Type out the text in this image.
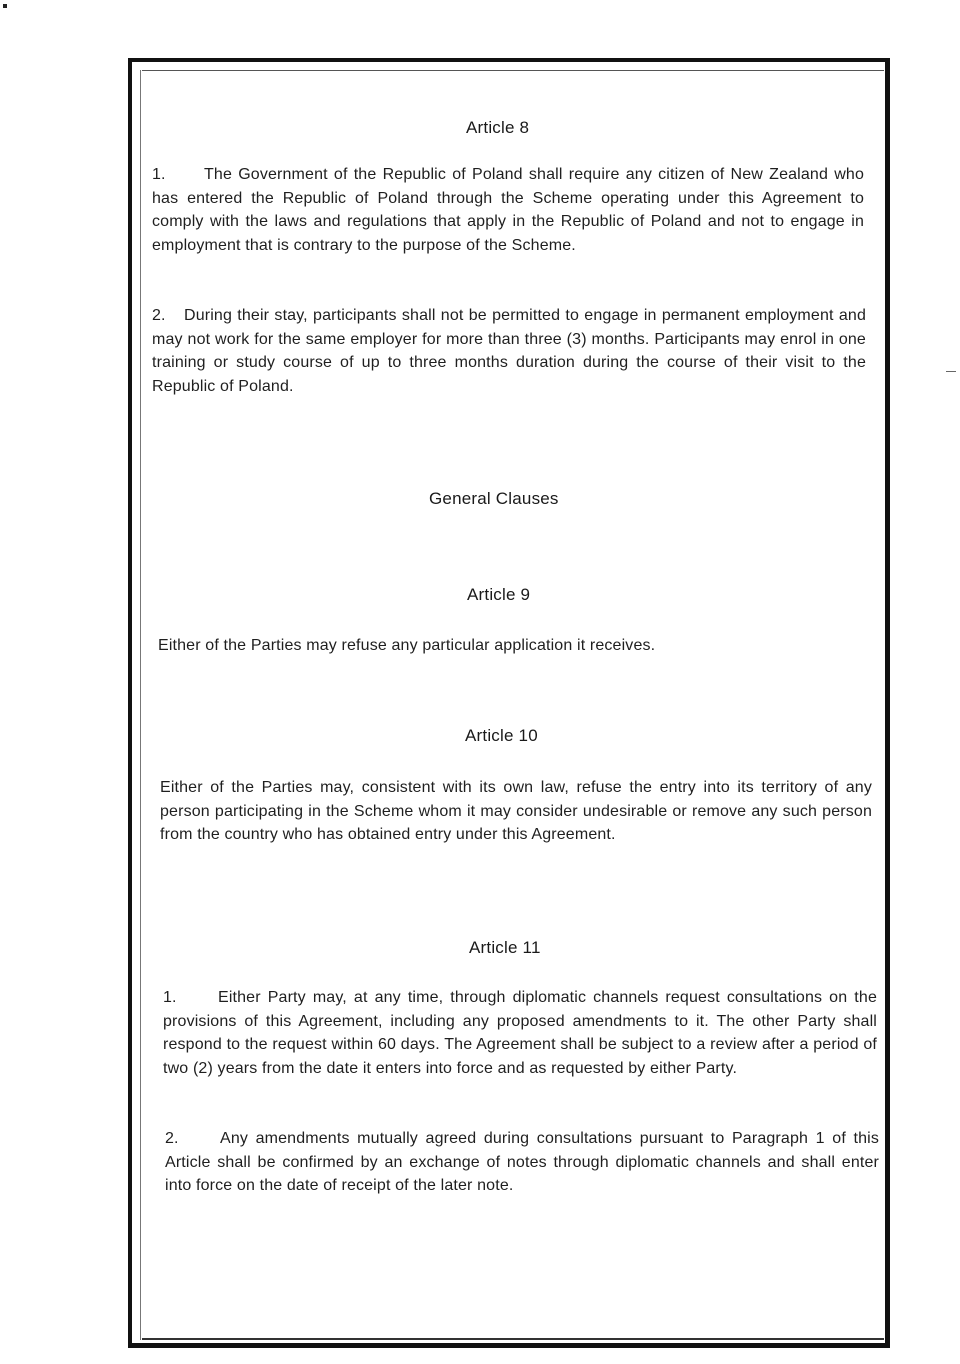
Article 8
1. The Government of the Republic of Poland shall require any citizen of New Zealand who has entered the Republic of Poland through the Scheme operating under this Agreement to comply with the laws and regulations that apply in the Republic of Poland and not to engage in employment that is contrary to the purpose of the Scheme.
2. During their stay, participants shall not be permitted to engage in permanent employment and may not work for the same employer for more than three (3) months. Participants may enrol in one training or study course of up to three months duration during the course of their visit to the Republic of Poland.
General Clauses
Article 9
Either of the Parties may refuse any particular application it receives.
Article 10
Either of the Parties may, consistent with its own law, refuse the entry into its territory of any person participating in the Scheme whom it may consider undesirable or remove any such person from the country who has obtained entry under this Agreement.
Article 11
1.	Either Party may, at any time, through diplomatic channels request consultations on the provisions of this Agreement, including any proposed amendments to it. The other Party shall respond to the request within 60 days. The Agreement shall be subject to a review after a period of two (2) years from the date it enters into force and as requested by either Party.
2.	Any amendments mutually agreed during consultations pursuant to Paragraph 1 of this Article shall be confirmed by an exchange of notes through diplomatic channels and shall enter into force on the date of receipt of the later note.
